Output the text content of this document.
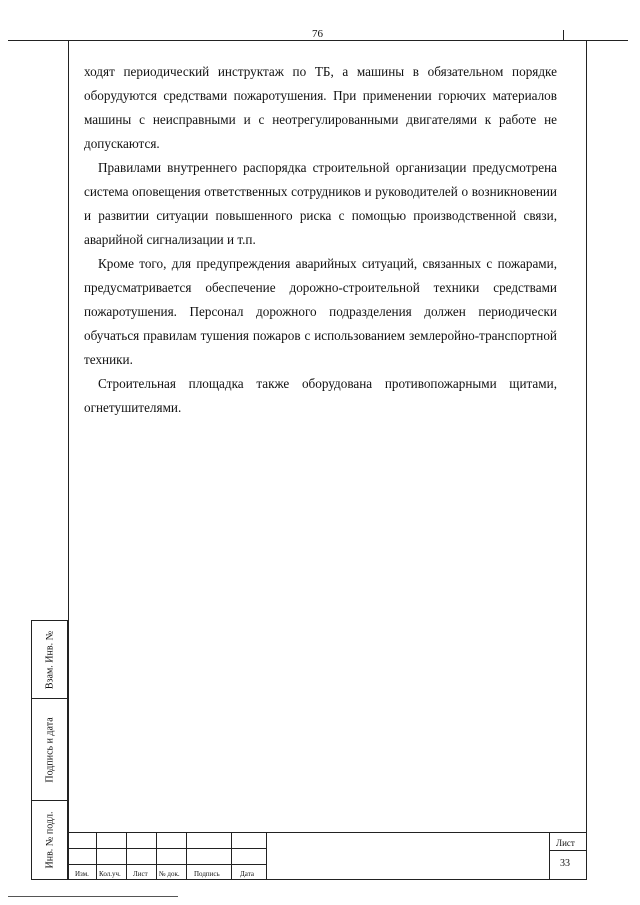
76

ходят периодический инструктаж по ТБ, а машины в обязательном порядке оборудуются средствами пожаротушения. При применении горючих материалов машины с неисправными и с неотрегулированными двигателями к работе не допускаются.

Правилами внутреннего распорядка строительной организации предусмотрена система оповещения ответственных сотрудников и руководителей о возникновении и развитии ситуации повышенного риска с помощью производственной связи, аварийной сигнализации и т.п.

Кроме того, для предупреждения аварийных ситуаций, связанных с пожарами, предусматривается обеспечение дорожно-строительной техники средствами пожаротушения. Персонал дорожного подразделения должен периодически обучаться правилам тушения пожаров с использованием землеройно-транспортной техники.

Строительная площадка также оборудована противопожарными щитами, огнетушителями.

Взам. Инв. №
Подпись и дата
Инв. № подл.
Изм. Кол.уч. Лист № док. Подпись	Дата
Лист
33
